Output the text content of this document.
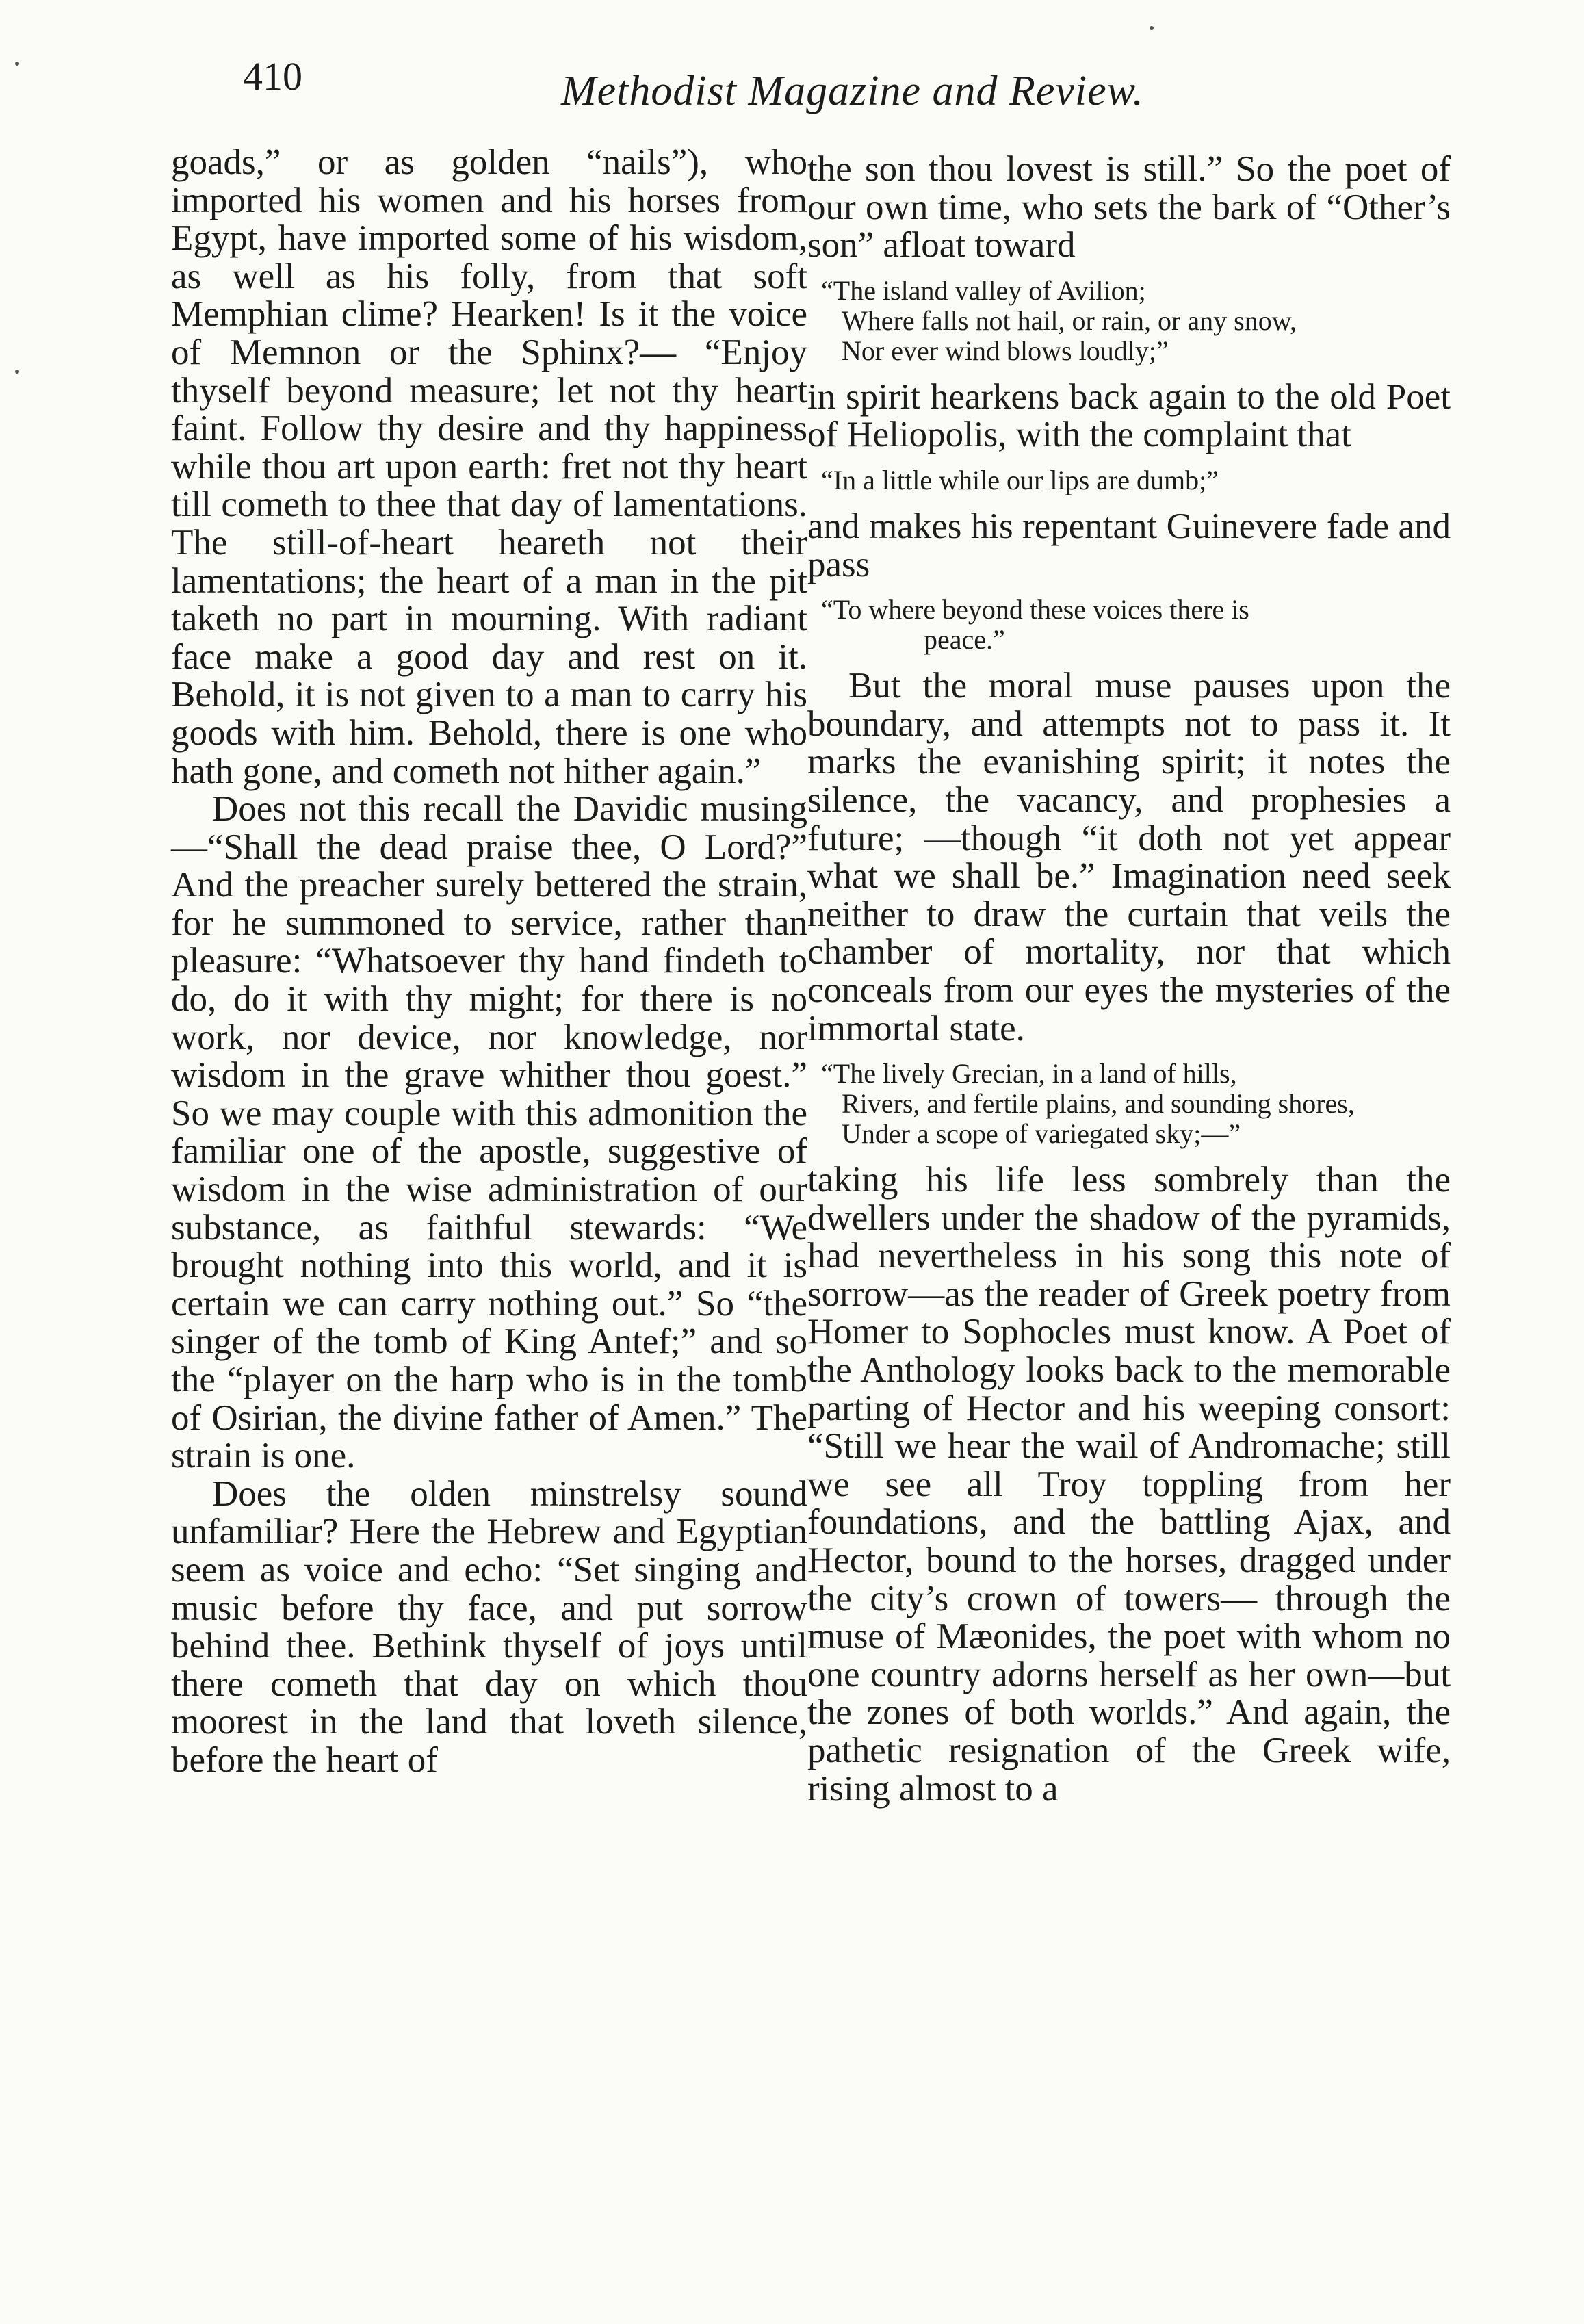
410	Methodist Magazine and Review.

goads,” or as golden “nails”), who imported his women and his horses from Egypt, have imported some of his wisdom, as well as his folly, from that soft Memphian clime? Hearken! Is it the voice of Memnon or the Sphinx?— “Enjoy thyself beyond measure; let not thy heart faint. Follow thy desire and thy happiness while thou art upon earth: fret not thy heart till cometh to thee that day of lamentations. The still-of-heart heareth not their lamentations; the heart of a man in the pit taketh no part in mourning. With radiant face make a good day and rest on it. Behold, it is not given to a man to carry his goods with him. Behold, there is one who hath gone, and cometh not hither again.”

Does not this recall the Davidic musing—“Shall the dead praise thee, O Lord?” And the preacher surely bettered the strain, for he summoned to service, rather than pleasure: “Whatsoever thy hand findeth to do, do it with thy might; for there is no work, nor device, nor knowledge, nor wisdom in the grave whither thou goest.” So we may couple with this admonition the familiar one of the apostle, suggestive of wisdom in the wise administration of our substance, as faithful stewards: “We brought nothing into this world, and it is certain we can carry nothing out.” So “the singer of the tomb of King Antef;” and so the “player on the harp who is in the tomb of Osirian, the divine father of Amen.” The strain is one.

Does the olden minstrelsy sound unfamiliar? Here the Hebrew and Egyptian seem as voice and echo: “Set singing and music before thy face, and put sorrow behind thee. Bethink thyself of joys until there cometh that day on which thou moorest in the land that loveth silence, before the heart of

the son thou lovest is still.” So the poet of our own time, who sets the bark of “Other’s son” afloat toward

“The island valley of Avilion;
Where falls not hail, or rain, or any snow,
Nor ever wind blows loudly;”

in spirit hearkens back again to the old Poet of Heliopolis, with the complaint that

“In a little while our lips are dumb;”

and makes his repentant Guinevere fade and pass

“To where beyond these voices there is
peace.”

But the moral muse pauses upon the boundary, and attempts not to pass it. It marks the evanishing spirit; it notes the silence, the vacancy, and prophesies a future; —though “it doth not yet appear what we shall be.” Imagination need seek neither to draw the curtain that veils the chamber of mortality, nor that which conceals from our eyes the mysteries of the immortal state.

“The lively Grecian, in a land of hills,
Rivers, and fertile plains, and sounding shores,
Under a scope of variegated sky;—”

taking his life less sombrely than the dwellers under the shadow of the pyramids, had nevertheless in his song this note of sorrow—as the reader of Greek poetry from Homer to Sophocles must know. A Poet of the Anthology looks back to the memorable parting of Hector and his weeping consort: “Still we hear the wail of Andromache; still we see all Troy toppling from her foundations, and the battling Ajax, and Hector, bound to the horses, dragged under the city’s crown of towers— through the muse of Mæonides, the poet with whom no one country adorns herself as her own—but the zones of both worlds.” And again, the pathetic resignation of the Greek wife, rising almost to a
